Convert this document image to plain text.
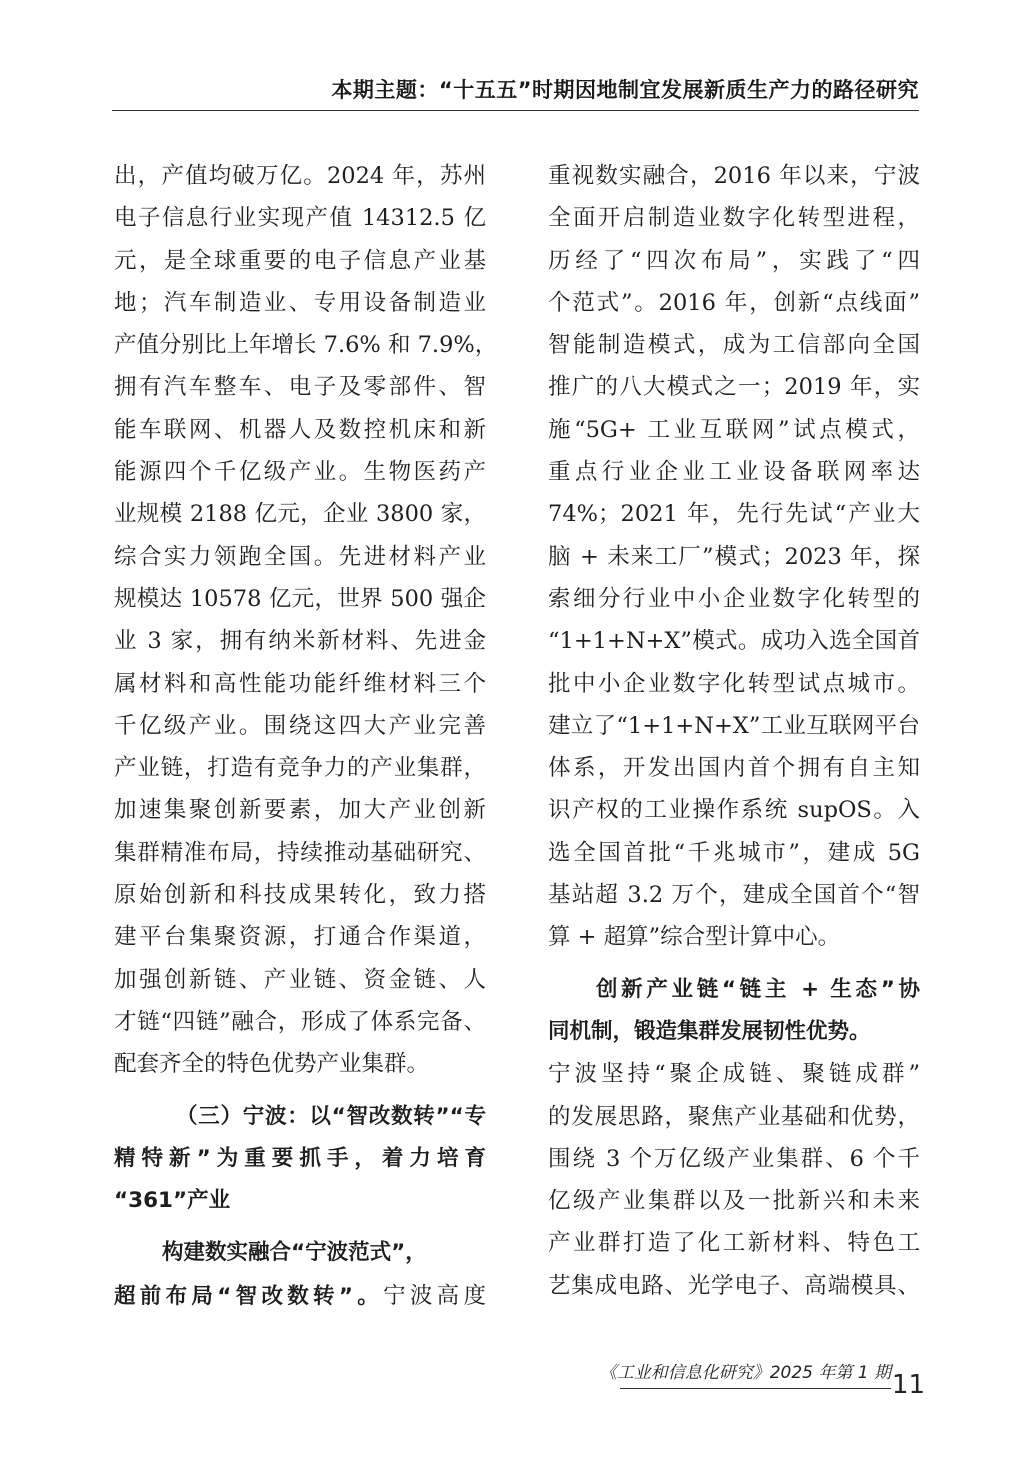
本期主题：“十五五”时期因地制宜发展新质生产力的路径研究
出，产值均破万亿。2024 年，苏州
电子信息行业实现产值 14312.5 亿
元，是全球重要的电子信息产业基
地；汽车制造业、专用设备制造业
产值分别比上年增长 7.6% 和 7.9%，
拥有汽车整车、电子及零部件、智
能车联网、机器人及数控机床和新
能源四个千亿级产业。生物医药产
业规模 2188 亿元，企业 3800 家，
综合实力领跑全国。先进材料产业
规模达 10578 亿元，世界 500 强企
业 3 家，拥有纳米新材料、先进金
属材料和高性能功能纤维材料三个
千亿级产业。围绕这四大产业完善
产业链，打造有竞争力的产业集群，
加速集聚创新要素，加大产业创新
集群精准布局，持续推动基础研究、
原始创新和科技成果转化，致力搭
建平台集聚资源，打通合作渠道，
加强创新链、产业链、资金链、人
才链“四链”融合，形成了体系完备、
配套齐全的特色优势产业集群。
（三）宁波：以“智改数转”“专
精特新”为重要抓手，着力培育
“361”产业
构建数实融合“宁波范式”，
超前布局“智改数转”。宁波高度
重视数实融合，2016 年以来，宁波
全面开启制造业数字化转型进程，
历经了“四次布局”，实践了“四
个范式”。2016 年，创新“点线面”
智能制造模式，成为工信部向全国
推广的八大模式之一；2019 年，实
施“5G+ 工业互联网”试点模式，
重点行业企业工业设备联网率达
74%；2021 年，先行先试“产业大
脑 + 未来工厂”模式；2023 年，探
索细分行业中小企业数字化转型的
“1+1+N+X”模式。成功入选全国首
批中小企业数字化转型试点城市。
建立了“1+1+N+X”工业互联网平台
体系，开发出国内首个拥有自主知
识产权的工业操作系统 supOS。入
选全国首批“千兆城市”，建成 5G
基站超 3.2 万个，建成全国首个“智
算 + 超算”综合型计算中心。
创新产业链“链主 + 生态”协
同机制，锻造集群发展韧性优势。
宁波坚持“聚企成链、聚链成群”
的发展思路，聚焦产业基础和优势，
围绕 3 个万亿级产业集群、6 个千
亿级产业集群以及一批新兴和未来
产业群打造了化工新材料、特色工
艺集成电路、光学电子、高端模具、
《工业和信息化研究》2025 年第 1 期 11
